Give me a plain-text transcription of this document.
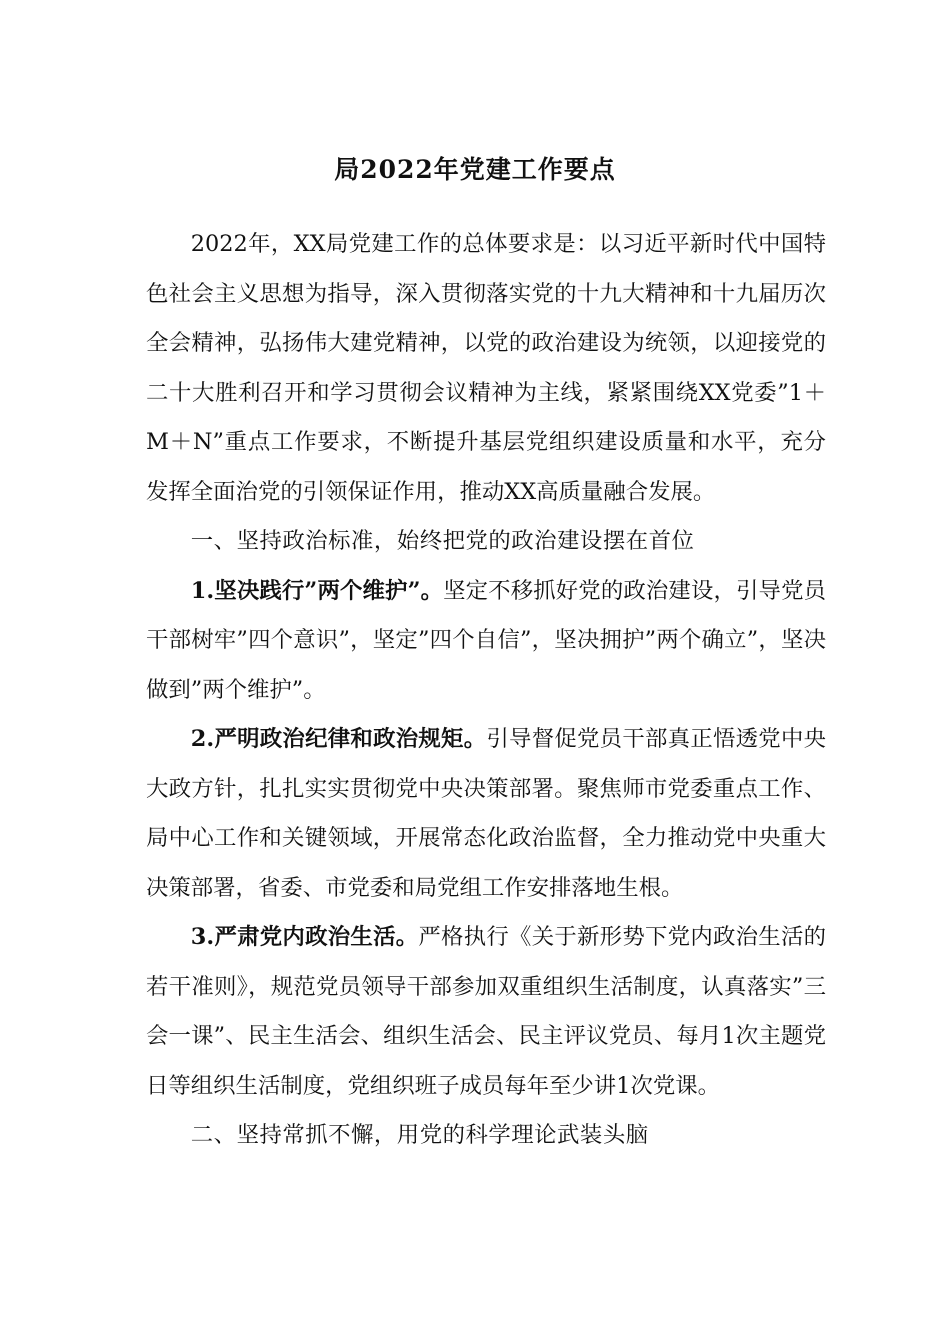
局2022年党建工作要点

2022年，XX局党建工作的总体要求是：以习近平新时代中国特色社会主义思想为指导，深入贯彻落实党的十九大精神和十九届历次全会精神，弘扬伟大建党精神，以党的政治建设为统领，以迎接党的二十大胜利召开和学习贯彻会议精神为主线，紧紧围绕XX党委”1＋M＋N”重点工作要求，不断提升基层党组织建设质量和水平，充分发挥全面治党的引领保证作用，推动XX高质量融合发展。

一、坚持政治标准，始终把党的政治建设摆在首位

1.坚决践行”两个维护”。坚定不移抓好党的政治建设，引导党员干部树牢”四个意识”，坚定”四个自信”，坚决拥护”两个确立”，坚决做到”两个维护”。

2.严明政治纪律和政治规矩。引导督促党员干部真正悟透党中央大政方针，扎扎实实贯彻党中央决策部署。聚焦师市党委重点工作、局中心工作和关键领域，开展常态化政治监督，全力推动党中央重大决策部署，省委、市党委和局党组工作安排落地生根。

3.严肃党内政治生活。严格执行《关于新形势下党内政治生活的若干准则》，规范党员领导干部参加双重组织生活制度，认真落实”三会一课”、民主生活会、组织生活会、民主评议党员、每月1次主题党日等组织生活制度，党组织班子成员每年至少讲1次党课。

二、坚持常抓不懈，用党的科学理论武装头脑
